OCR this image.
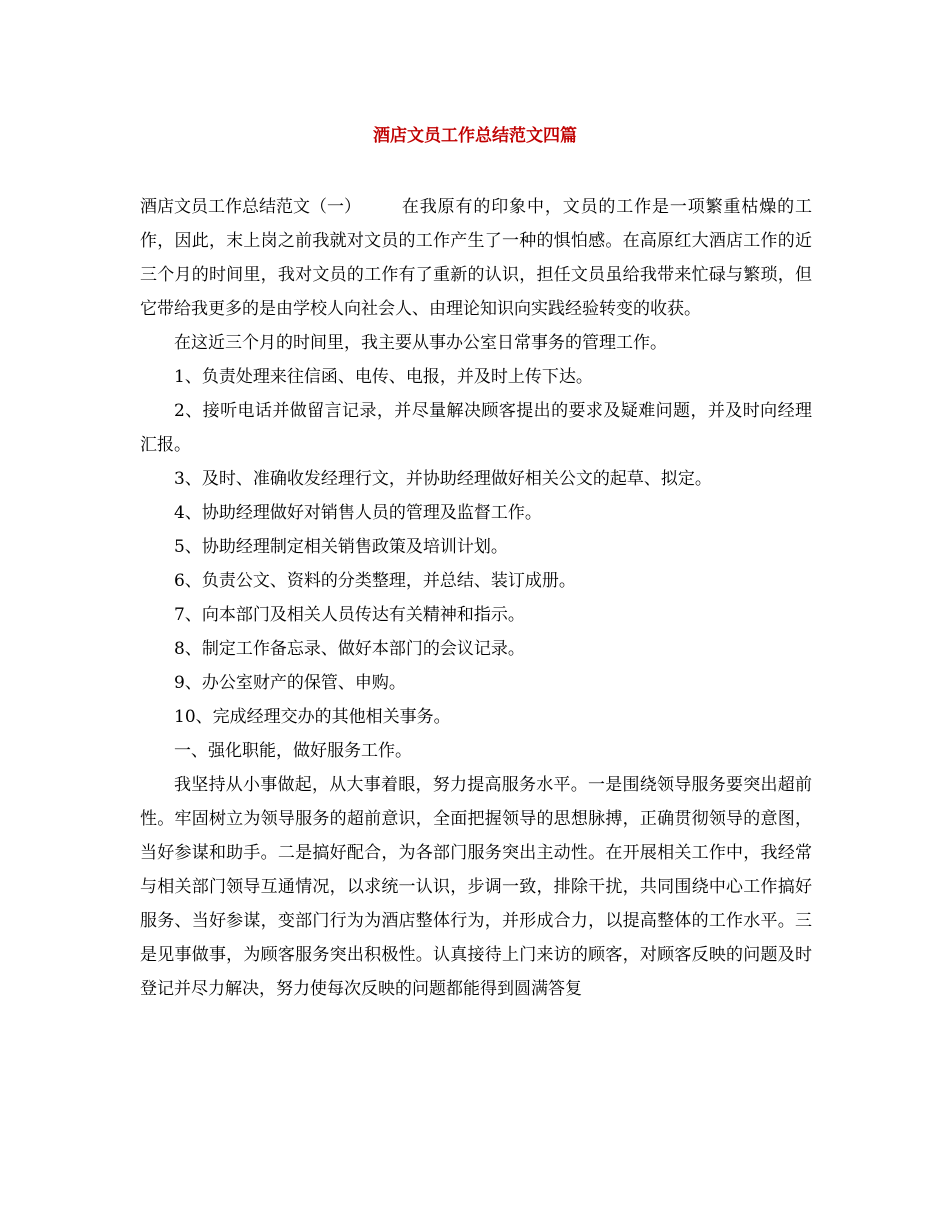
酒店文员工作总结范文四篇

酒店文员工作总结范文（一） 在我原有的印象中，文员的工作是一项繁重枯燥的工作，因此，末上岗之前我就对文员的工作产生了一种的惧怕感。在高原红大酒店工作的近三个月的时间里，我对文员的工作有了重新的认识，担任文员虽给我带来忙碌与繁琐，但它带给我更多的是由学校人向社会人、由理论知识向实践经验转变的收获。

在这近三个月的时间里，我主要从事办公室日常事务的管理工作。

1、负责处理来往信函、电传、电报，并及时上传下达。

2、接听电话并做留言记录，并尽量解决顾客提出的要求及疑难问题，并及时向经理汇报。

3、及时、准确收发经理行文，并协助经理做好相关公文的起草、拟定。

4、协助经理做好对销售人员的管理及监督工作。

5、协助经理制定相关销售政策及培训计划。

6、负责公文、资料的分类整理，并总结、装订成册。

7、向本部门及相关人员传达有关精神和指示。

8、制定工作备忘录、做好本部门的会议记录。

9、办公室财产的保管、申购。

10、完成经理交办的其他相关事务。

一、强化职能，做好服务工作。

我坚持从小事做起，从大事着眼，努力提高服务水平。一是围绕领导服务要突出超前性。牢固树立为领导服务的超前意识，全面把握领导的思想脉搏，正确贯彻领导的意图，当好参谋和助手。二是搞好配合，为各部门服务突出主动性。在开展相关工作中，我经常与相关部门领导互通情况，以求统一认识，步调一致，排除干扰，共同围绕中心工作搞好服务、当好参谋，变部门行为为酒店整体行为，并形成合力，以提高整体的工作水平。三是见事做事，为顾客服务突出积极性。认真接待上门来访的顾客，对顾客反映的问题及时登记并尽力解决，努力使每次反映的问题都能得到圆满答复
